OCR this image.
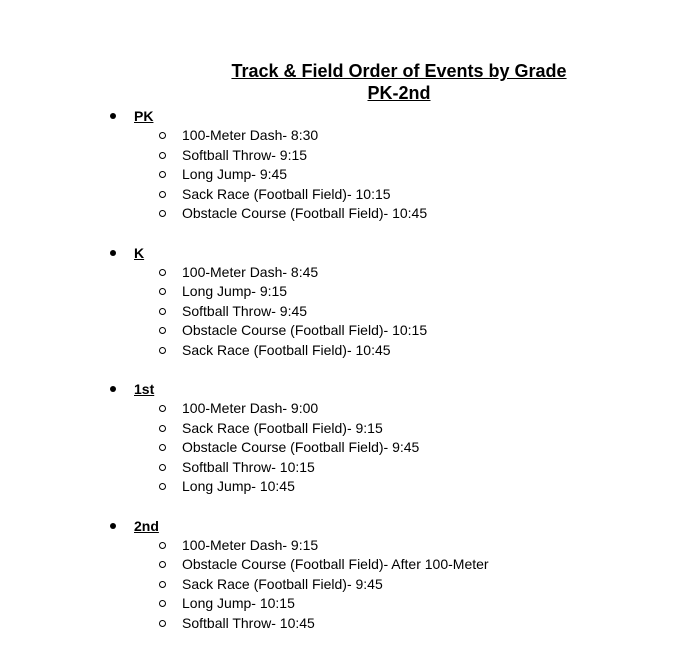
Track & Field Order of Events by Grade

PK-2nd

PK
100-Meter Dash- 8:30
Softball Throw- 9:15
Long Jump- 9:45
Sack Race (Football Field)- 10:15
Obstacle Course (Football Field)- 10:45
K
100-Meter Dash- 8:45
Long Jump- 9:15
Softball Throw- 9:45
Obstacle Course (Football Field)- 10:15
Sack Race (Football Field)- 10:45
1st
100-Meter Dash- 9:00
Sack Race (Football Field)- 9:15
Obstacle Course (Football Field)- 9:45
Softball Throw- 10:15
Long Jump- 10:45
2nd
100-Meter Dash- 9:15
Obstacle Course (Football Field)- After 100-Meter
Sack Race (Football Field)- 9:45
Long Jump- 10:15
Softball Throw- 10:45
